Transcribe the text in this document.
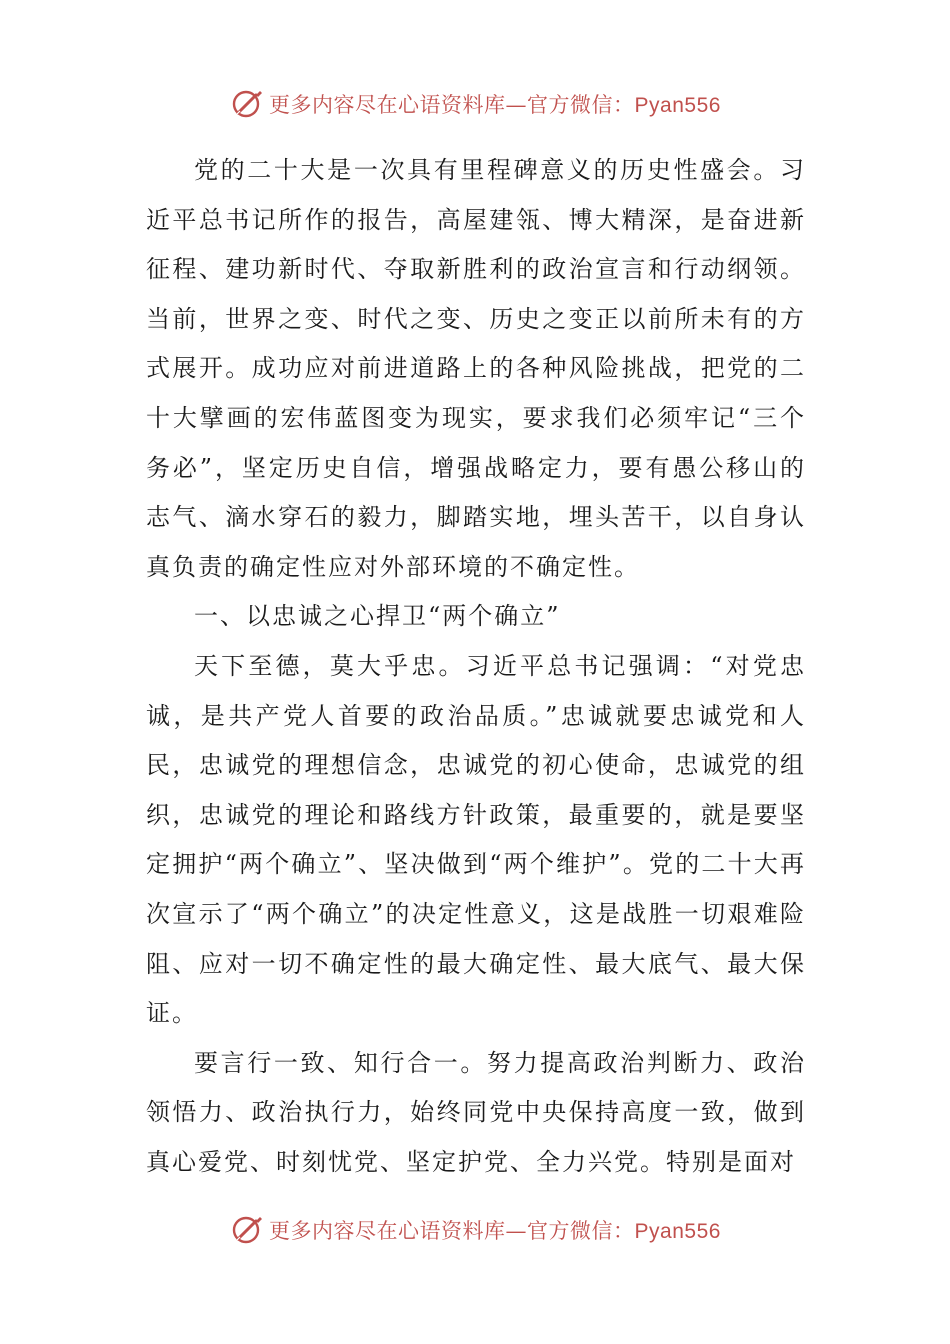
更多内容尽在心语资料库—官方微信：Pyan556

党的二十大是一次具有里程碑意义的历史性盛会。习近平总书记所作的报告，高屋建瓴、博大精深，是奋进新征程、建功新时代、夺取新胜利的政治宣言和行动纲领。当前，世界之变、时代之变、历史之变正以前所未有的方式展开。成功应对前进道路上的各种风险挑战，把党的二十大擘画的宏伟蓝图变为现实，要求我们必须牢记“三个务必”，坚定历史自信，增强战略定力，要有愚公移山的志气、滴水穿石的毅力，脚踏实地，埋头苦干，以自身认真负责的确定性应对外部环境的不确定性。

一、以忠诚之心捍卫“两个确立”

天下至德，莫大乎忠。习近平总书记强调：“对党忠诚，是共产党人首要的政治品质。”忠诚就要忠诚党和人民，忠诚党的理想信念，忠诚党的初心使命，忠诚党的组织，忠诚党的理论和路线方针政策，最重要的，就是要坚定拥护“两个确立”、坚决做到“两个维护”。党的二十大再次宣示了“两个确立”的决定性意义，这是战胜一切艰难险阻、应对一切不确定性的最大确定性、最大底气、最大保证。

要言行一致、知行合一。努力提高政治判断力、政治领悟力、政治执行力，始终同党中央保持高度一致，做到真心爱党、时刻忧党、坚定护党、全力兴党。特别是面对

更多内容尽在心语资料库—官方微信：Pyan556
